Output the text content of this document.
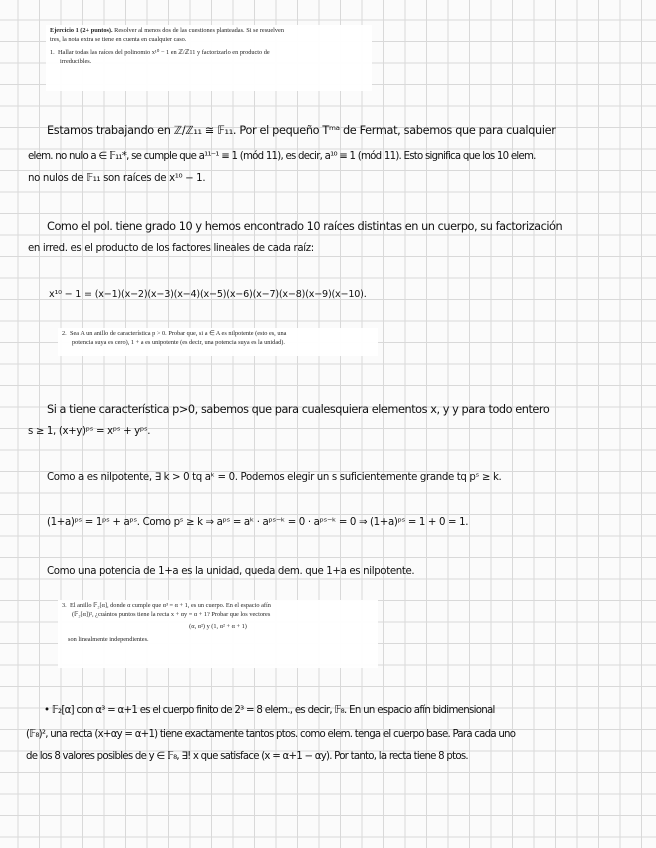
Ejercicio 1 (2+ puntos). Resolver al menos dos de las cuestiones planteadas. Si se resuelven
tres, la nota extra se tiene en cuenta en cualquier caso.
1. Hallar todas las raíces del polinomio x¹⁰ − 1 en ℤ/ℤ11 y factorizarlo en producto de
irreducibles.
Estamos trabajando en ℤ/ℤ₁₁ ≅ 𝔽₁₁. Por el pequeño Tᵐᵃ de Fermat, sabemos que para cualquier
elem. no nulo a ∈ 𝔽₁₁*, se cumple que a¹¹⁻¹ ≡ 1 (mód 11), es decir, a¹⁰ ≡ 1 (mód 11). Esto significa que los 10 elem.
no nulos de 𝔽₁₁ son raíces de x¹⁰ − 1.
Como el pol. tiene grado 10 y hemos encontrado 10 raíces distintas en un cuerpo, su factorización
en irred. es el producto de los factores lineales de cada raíz:
x¹⁰ − 1 = (x−1)(x−2)(x−3)(x−4)(x−5)(x−6)(x−7)(x−8)(x−9)(x−10).
2. Sea A un anillo de característica p > 0. Probar que, si a ∈ A es nilpotente (esto es, una
potencia suya es cero), 1 + a es unipotente (es decir, una potencia suya es la unidad).
Si a tiene característica p>0, sabemos que para cualesquiera elementos x, y y para todo entero
s ≥ 1, (x+y)ᵖˢ = xᵖˢ + yᵖˢ.
Como a es nilpotente, ∃ k > 0 tq aᵏ = 0. Podemos elegir un s suficientemente grande tq pˢ ≥ k.
(1+a)ᵖˢ = 1ᵖˢ + aᵖˢ. Como pˢ ≥ k ⇒ aᵖˢ = aᵏ · aᵖˢ⁻ᵏ = 0 · aᵖˢ⁻ᵏ = 0 ⇒ (1+a)ᵖˢ = 1 + 0 = 1.
Como una potencia de 1+a es la unidad, queda dem. que 1+a es nilpotente.
3. El anillo 𝔽₂[α], donde α cumple que α³ = α + 1, es un cuerpo. En el espacio afín
(𝔽₂[α])², ¿cuántos puntos tiene la recta x + αy = α + 1? Probar que los vectores
(α, α²) y (1, α² + α + 1)
son linealmente independientes.
• 𝔽₂[α] con α³ = α+1 es el cuerpo finito de 2³ = 8 elem., es decir, 𝔽₈. En un espacio afín bidimensional
(𝔽₈)², una recta (x+αy = α+1) tiene exactamente tantos ptos. como elem. tenga el cuerpo base. Para cada uno
de los 8 valores posibles de y ∈ 𝔽₈, ∃! x que satisface (x = α+1 − αy). Por tanto, la recta tiene 8 ptos.
